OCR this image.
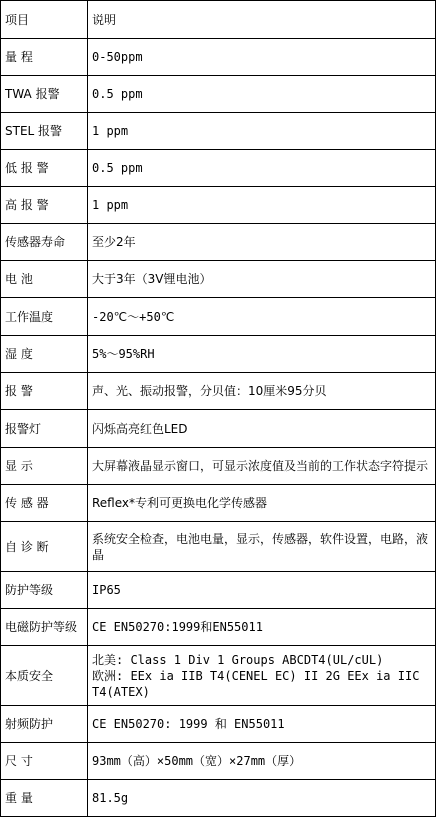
项目	说明
量 程	0-50ppm
TWA 报警	0.5 ppm
STEL 报警	1 ppm
低 报 警	0.5 ppm
高 报 警	1 ppm
传感器寿命	至少2年
电 池	大于3年（3V锂电池）
工作温度	-20℃～+50℃
湿 度	5%～95%RH
报 警	声、光、振动报警，分贝值：10厘米95分贝
报警灯	闪烁高亮红色LED
显 示	大屏幕液晶显示窗口，可显示浓度值及当前的工作状态字符提示
传 感 器	Reflex*专利可更换电化学传感器
自 诊 断	系统安全检查，电池电量，显示，传感器，软件设置，电路，液晶
防护等级	IP65
电磁防护等级	CE EN50270:1999和EN55011
本质安全	北美: Class 1 Div 1 Groups ABCDT4(UL/cUL)
欧洲: EEx ia IIB T4(CENEL EC) II 2G EEx ia IIC T4(ATEX)

射频防护	CE EN50270: 1999 和 EN55011
尺 寸	93mm（高）×50mm（宽）×27mm（厚）
重 量	81.5g
